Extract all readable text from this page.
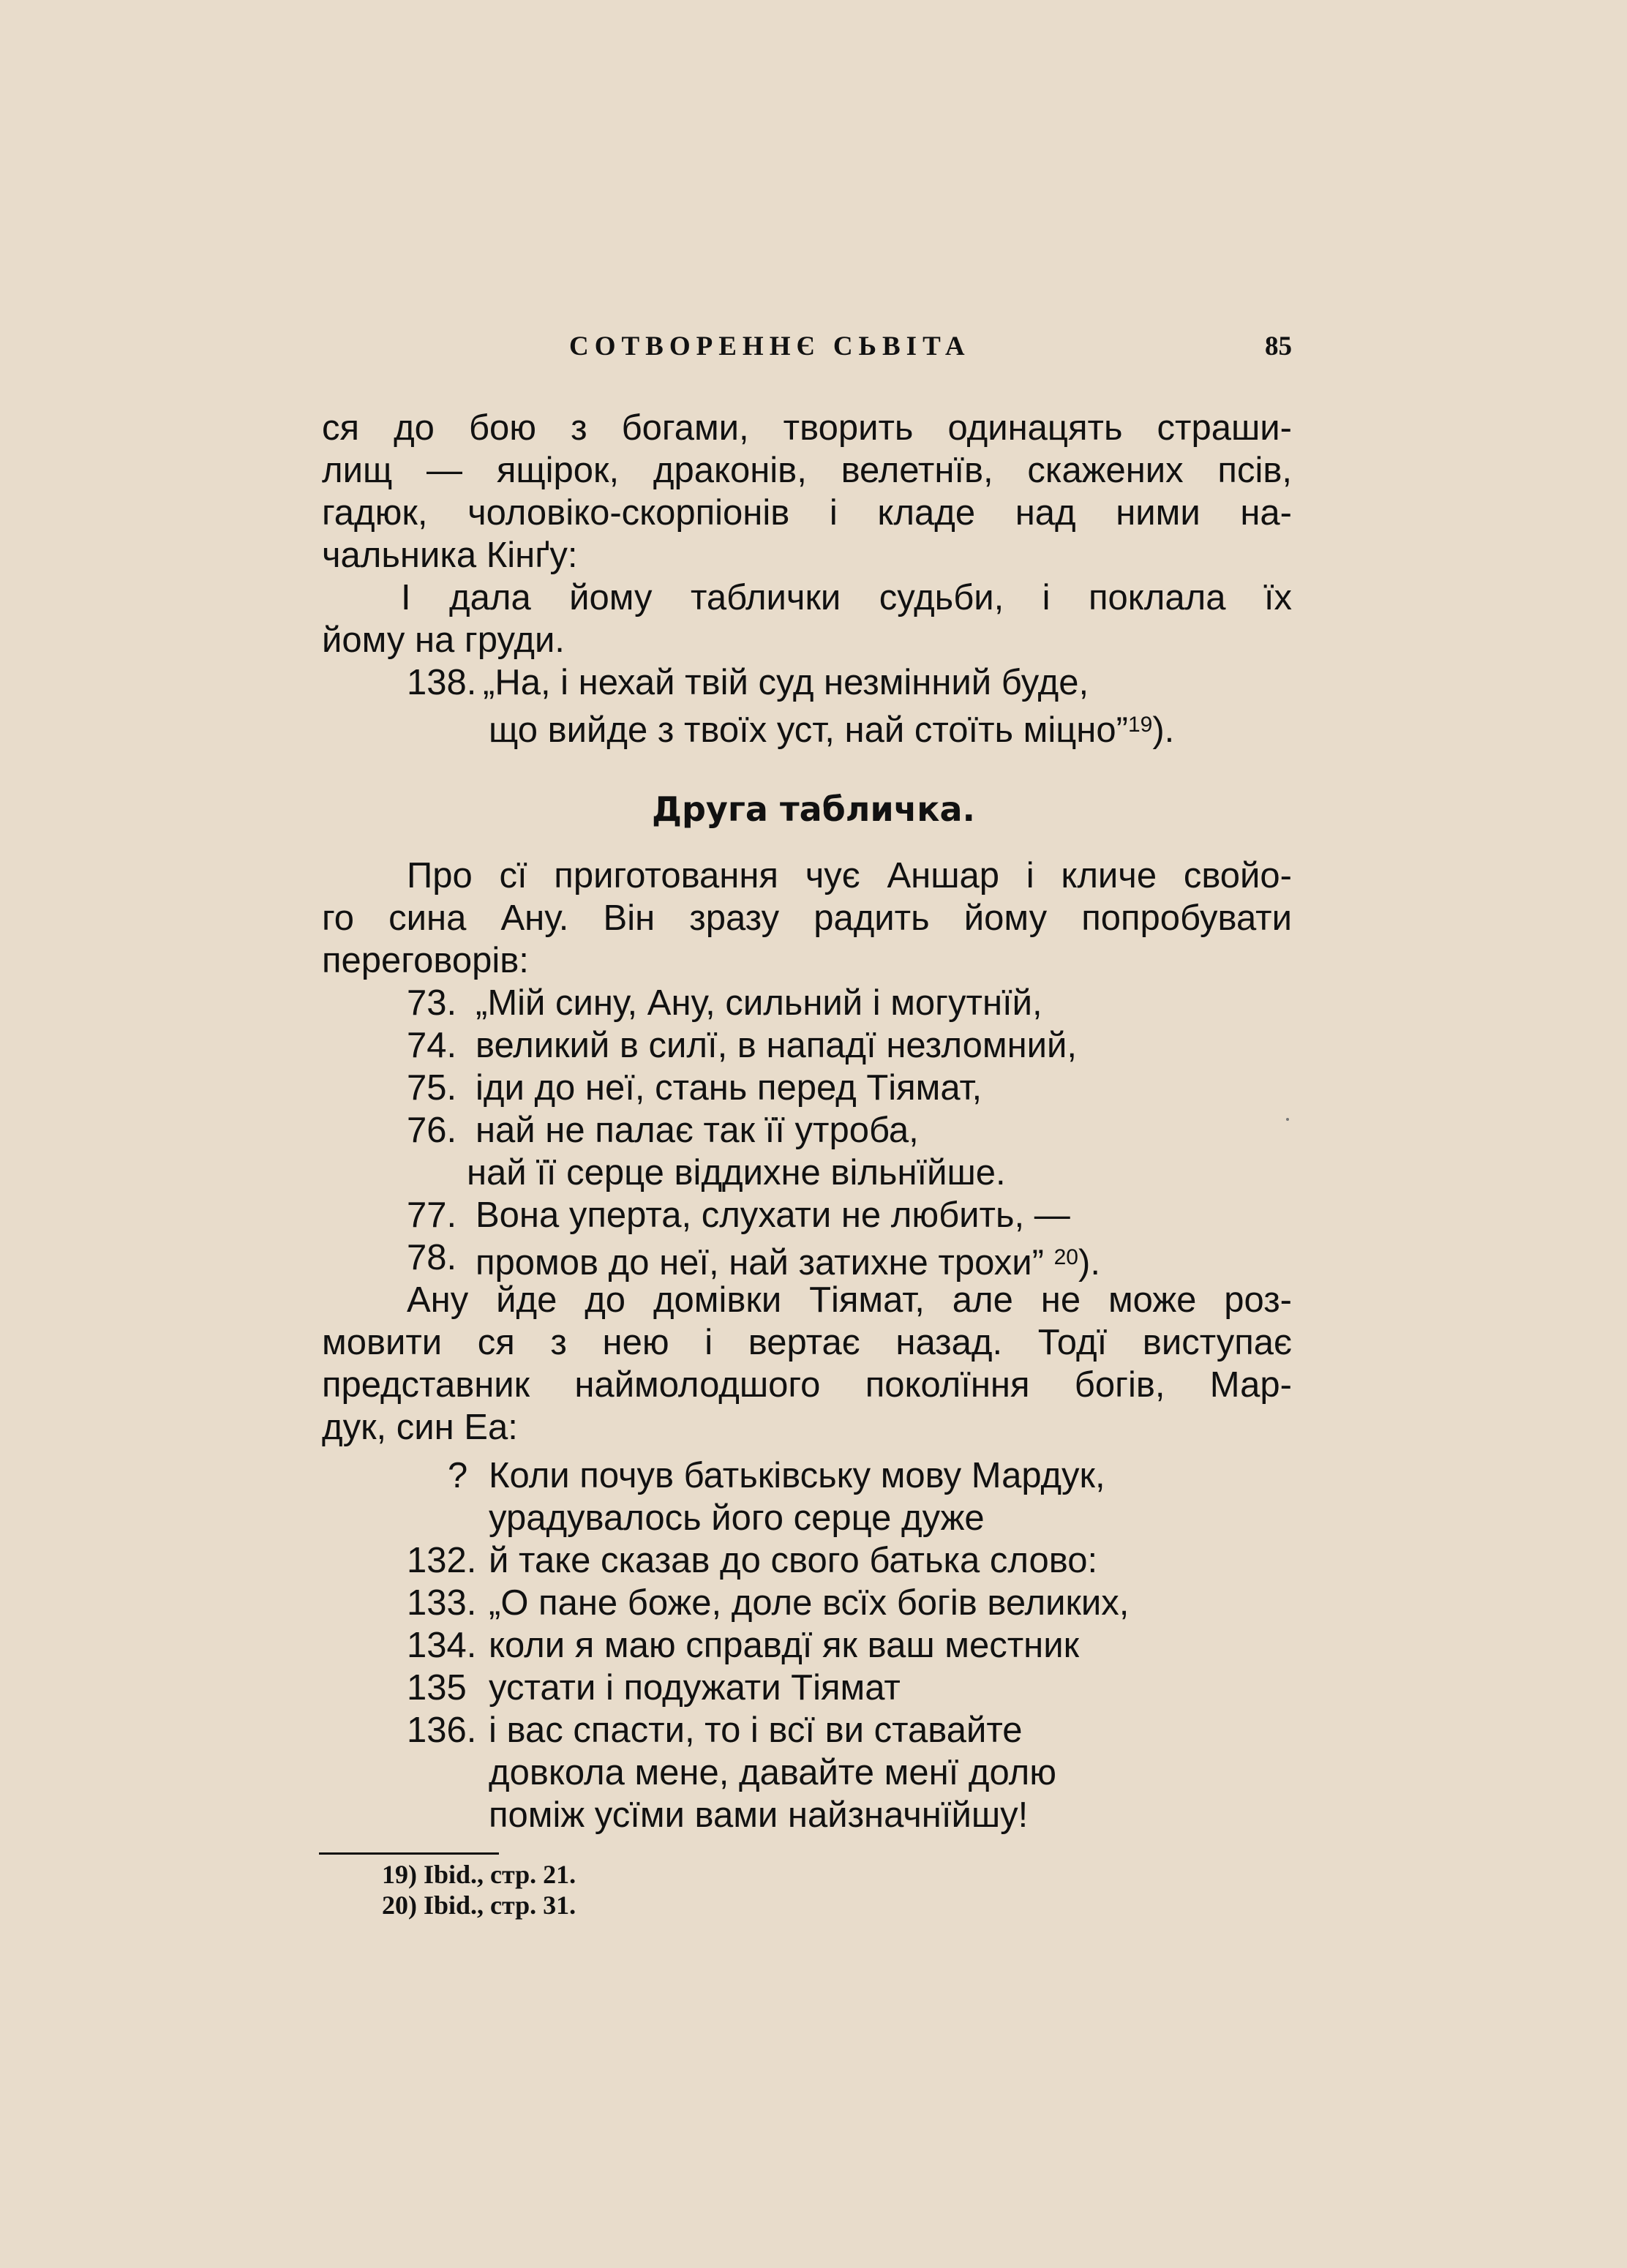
СОТВОРЕННЄ СЬВІТА	85
ся до бою з богами, творить одинацять страши-
лищ — ящірок, драконів, велетнїв, скажених псів,
гадюк, чоловіко-скорпіонів і кладе над ними на-
чальника Кінґу:
І дала йому таблички судьби, і поклала їх
йому на груди.
138. „На, і нехай твій суд незмінний буде,
що вийде з твоїх уст, най стоїть міцно”$^{19}$).
Друга табличка.
Про сї приготовання чує Аншар і кличе свойо-
го сина Ану. Він зразу радить йому попробувати
переговорів:
73. „Мій сину, Ану, сильний і могутнїй,
74. великий в силї, в нападї незломний,
75. іди до неї, стань перед Тіямат,
76. най не палає так її утроба,
най її серце віддихне вільнїйше.
77. Вона уперта, слухати не любить, —
78. промов до неї, най затихне трохи” $^{20}$).
Ану йде до домівки Тіямат, але не може роз-
мовити ся з нею і вертає назад. Тодї виступає
представник наймолодшого поколїння богів, Мар-
дук, син Еа:
? Коли почув батьківську мову Мардук,
урадувалось його серце дуже
132. й таке сказав до свого батька слово:
133. „О пане боже, доле всїх богів великих,
134. коли я маю справдї як ваш местник
135 устати і подужати Тіямат
136. і вас спасти, то і всї ви ставайте
довкола мене, давайте менї долю
поміж усїми вами найзначнїйшу!
19) Ibid., стр. 21.
20) Ibid., стр. 31.
